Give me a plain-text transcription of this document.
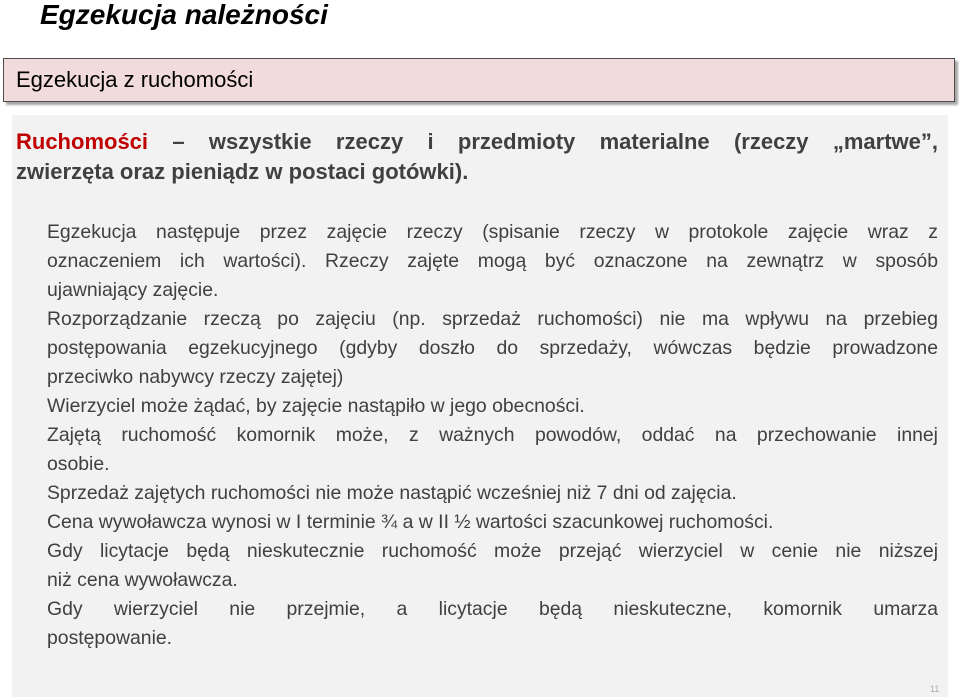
Egzekucja należności
Egzekucja z ruchomości

Ruchomości – wszystkie rzeczy i przedmioty materialne (rzeczy „martwe”,
zwierzęta oraz pieniądz w postaci gotówki).

Egzekucja następuje przez zajęcie rzeczy (spisanie rzeczy w protokole zajęcie wraz z
oznaczeniem ich wartości). Rzeczy zajęte mogą być oznaczone na zewnątrz w sposób
ujawniający zajęcie.
Rozporządzanie rzeczą po zajęciu (np. sprzedaż ruchomości) nie ma wpływu na przebieg
postępowania egzekucyjnego (gdyby doszło do sprzedaży, wówczas będzie prowadzone
przeciwko nabywcy rzeczy zajętej)
Wierzyciel może żądać, by zajęcie nastąpiło w jego obecności.
Zajętą ruchomość komornik może, z ważnych powodów, oddać na przechowanie innej
osobie.
Sprzedaż zajętych ruchomości nie może nastąpić wcześniej niż 7 dni od zajęcia.
Cena wywoławcza wynosi w I terminie ¾ a w II ½ wartości szacunkowej ruchomości.
Gdy licytacje będą nieskutecznie ruchomość może przejąć wierzyciel w cenie nie niższej
niż cena wywoławcza.
Gdy wierzyciel nie przejmie, a licytacje będą nieskuteczne, komornik umarza
postępowanie.
11
